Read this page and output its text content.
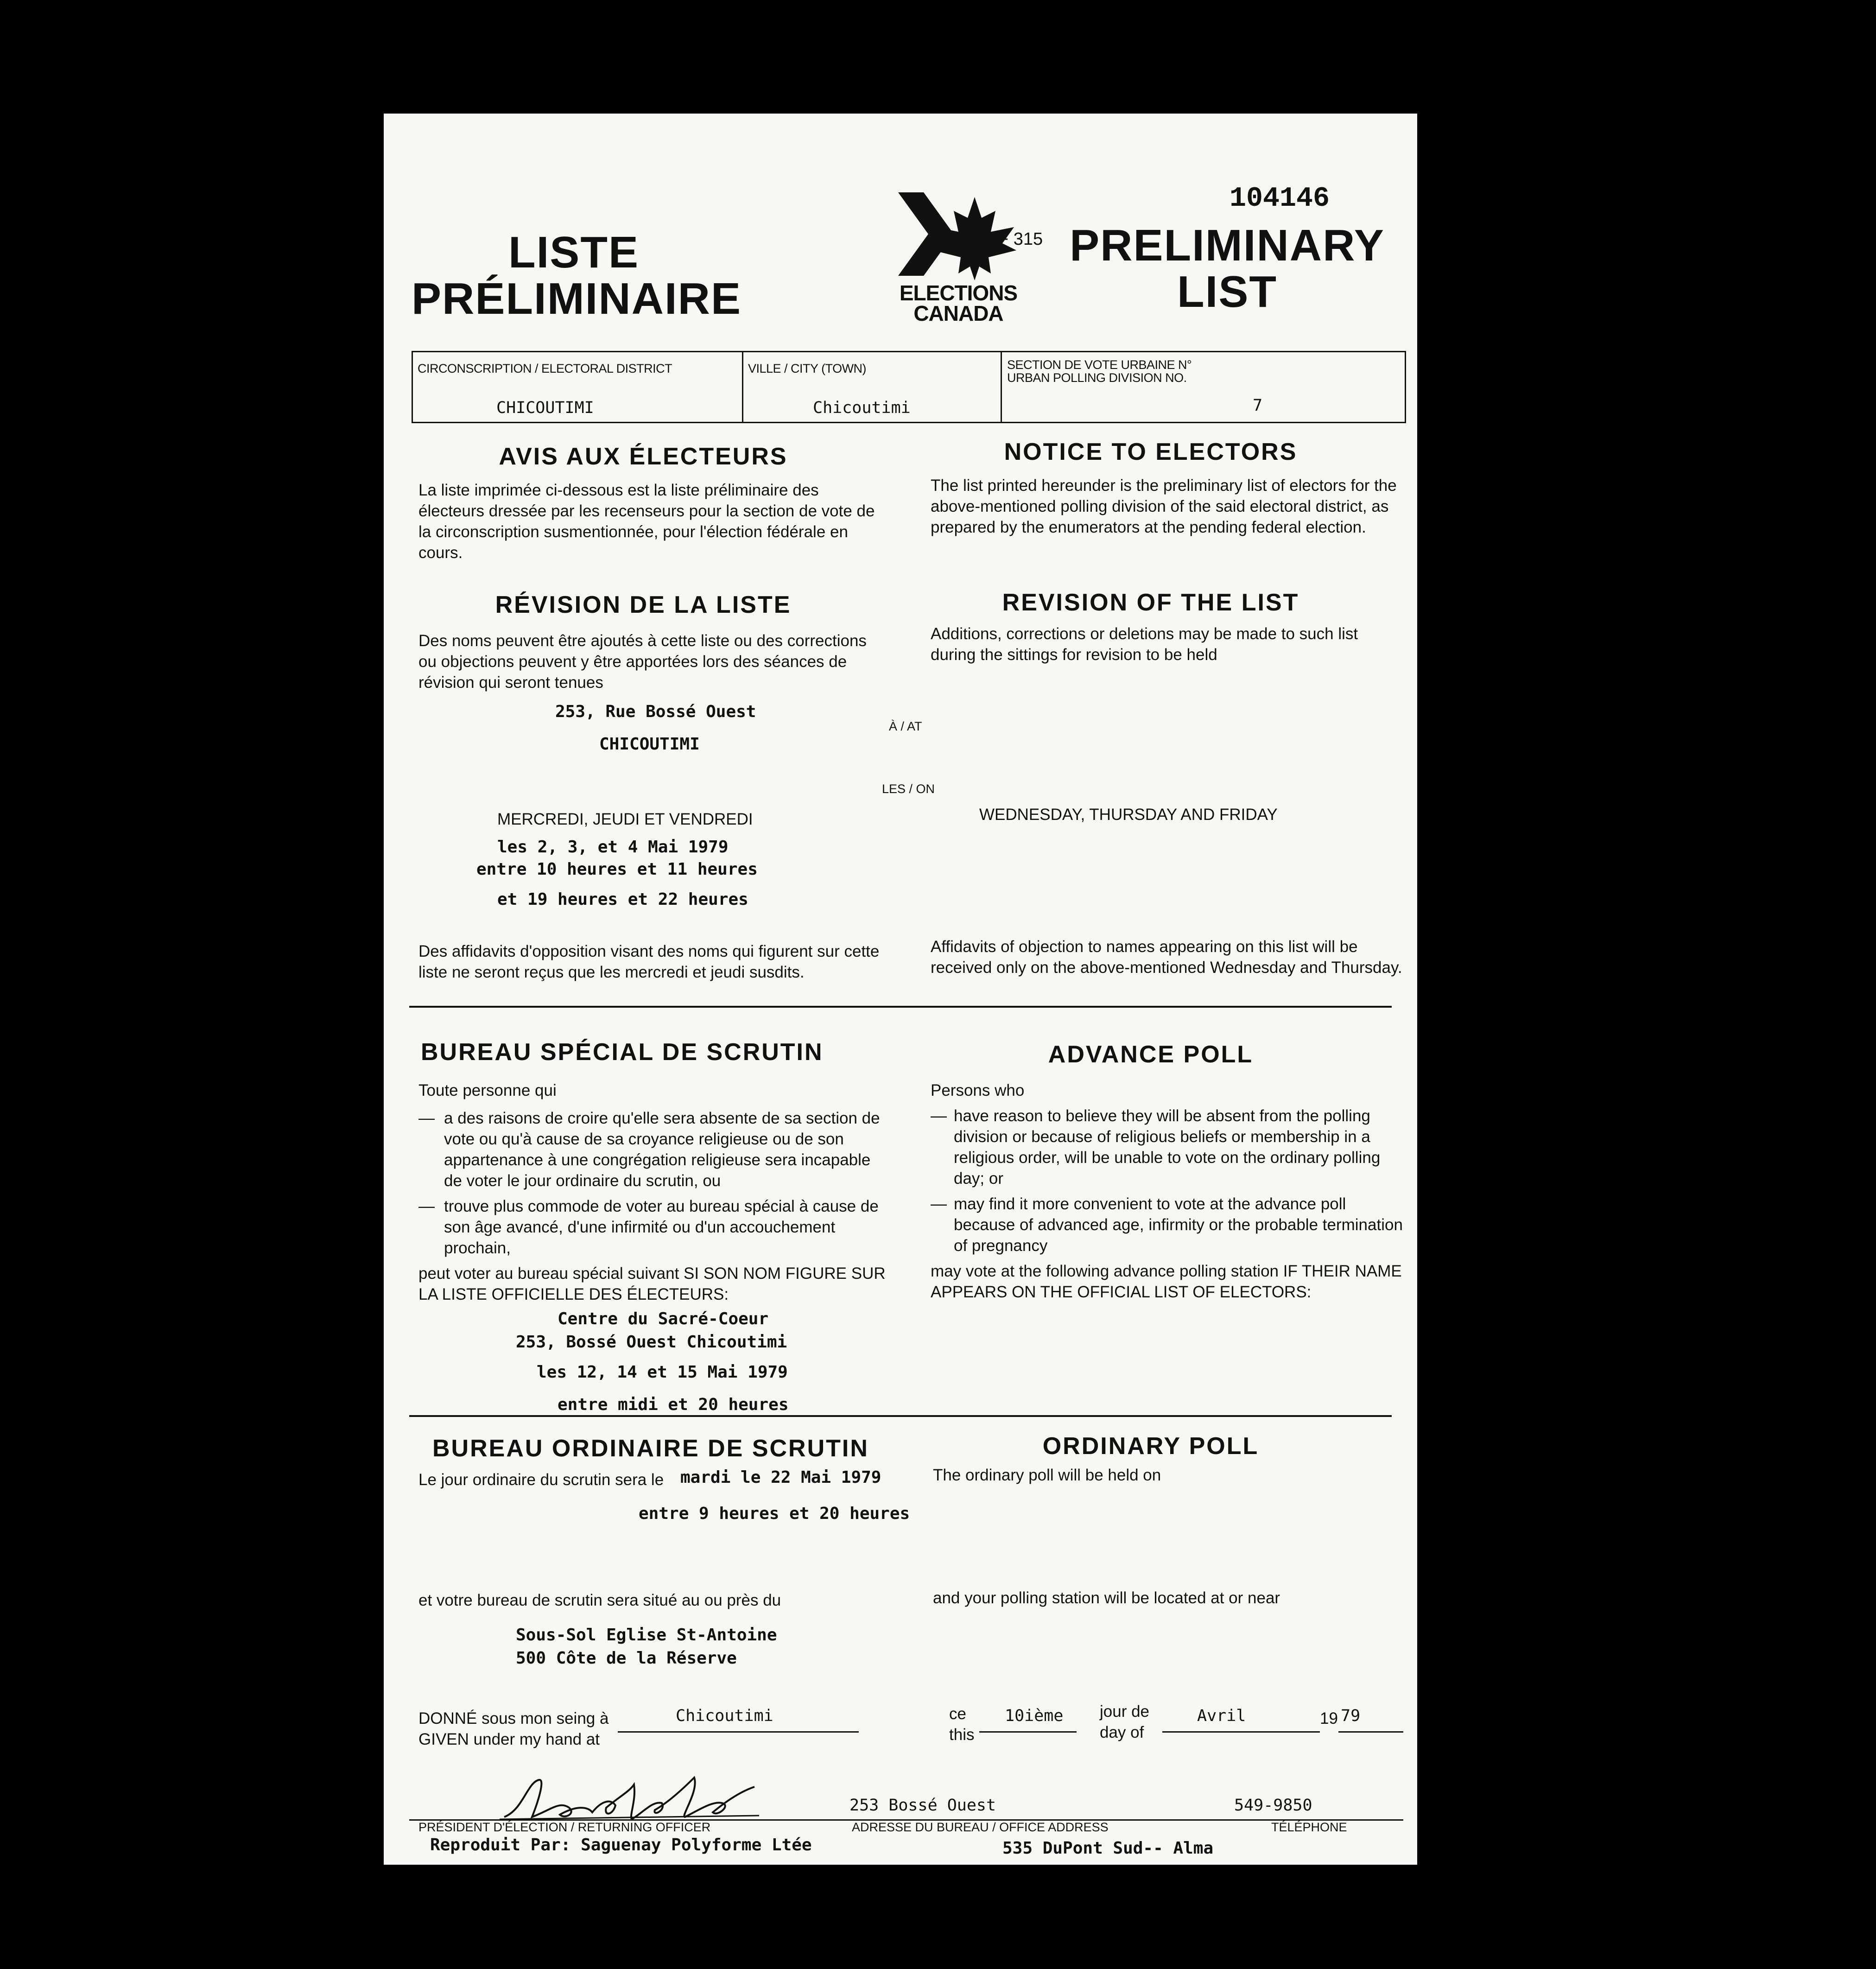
104146
LISTE
PRÉLIMINAIRE	ELECTIONS
CANADA
F 315 PRELIMINARY
LIST
CIRCONSCRIPTION / ELECTORAL DISTRICT
CHICOUTIMI
VILLE / CITY (TOWN)
Chicoutimi
SECTION DE VOTE URBAINE N°
URBAN POLLING DIVISION NO.
7
AVIS AUX ÉLECTEURS
La liste imprimée ci-dessous est la liste préliminaire des électeurs dressée par les recenseurs pour la section de vote de la circonscription susmentionnée, pour l'élection fédérale en cours.
NOTICE TO ELECTORS
The list printed hereunder is the preliminary list of electors for the above-mentioned polling division of the said electoral district, as prepared by the enumerators at the pending federal election.
RÉVISION DE LA LISTE
Des noms peuvent être ajoutés à cette liste ou des corrections ou objections peuvent y être apportées lors des séances de révision qui seront tenues
REVISION OF THE LIST
Additions, corrections or deletions may be made to such list during the sittings for revision to be held
253, Rue Bossé Ouest
CHICOUTIMI
À / AT
LES / ON
MERCREDI, JEUDI ET VENDREDI	WEDNESDAY, THURSDAY AND FRIDAY
les 2, 3, et 4 Mai 1979
entre 10 heures et 11 heures
et 19 heures et 22 heures
Des affidavits d'opposition visant des noms qui figurent sur cette liste ne seront reçus que les mercredi et jeudi susdits.
Affidavits of objection to names appearing on this list will be received only on the above-mentioned Wednesday and Thursday.
BUREAU SPÉCIAL DE SCRUTIN
Toute personne qui
— a des raisons de croire qu'elle sera absente de sa section de vote ou qu'à cause de sa croyance religieuse ou de son appartenance à une congrégation religieuse sera incapable de voter le jour ordinaire du scrutin, ou
— trouve plus commode de voter au bureau spécial à cause de son âge avancé, d'une infirmité ou d'un accouchement prochain,
peut voter au bureau spécial suivant SI SON NOM FIGURE SUR LA LISTE OFFICIELLE DES ÉLECTEURS:
ADVANCE POLL
Persons who
— have reason to believe they will be absent from the polling division or because of religious beliefs or membership in a religious order, will be unable to vote on the ordinary polling day; or
— may find it more convenient to vote at the advance poll because of advanced age, infirmity or the probable termination of pregnancy
may vote at the following advance polling station IF THEIR NAME APPEARS ON THE OFFICIAL LIST OF ELECTORS:
Centre du Sacré-Coeur
253, Bossé Ouest Chicoutimi
les 12, 14 et 15 Mai 1979
entre midi et 20 heures
BUREAU ORDINAIRE DE SCRUTIN
Le jour ordinaire du scrutin sera le mardi le 22 Mai 1979
ORDINARY POLL
The ordinary poll will be held on
entre 9 heures et 20 heures
et votre bureau de scrutin sera situé au ou près du	and your polling station will be located at or near
Sous-Sol Eglise St-Antoine
500 Côte de la Réserve
DONNÉ sous mon seing à
GIVEN under my hand at
Chicoutimi	ce
this
10ième jour de
day of
Avril	19 79
253 Bossé Ouest	549-9850
PRÉSIDENT D'ÉLECTION / RETURNING OFFICER	ADRESSE DU BUREAU / OFFICE ADDRESS	TÉLÉPHONE
Reproduit Par: Saguenay Polyforme Ltée	535 DuPont Sud-- Alma
